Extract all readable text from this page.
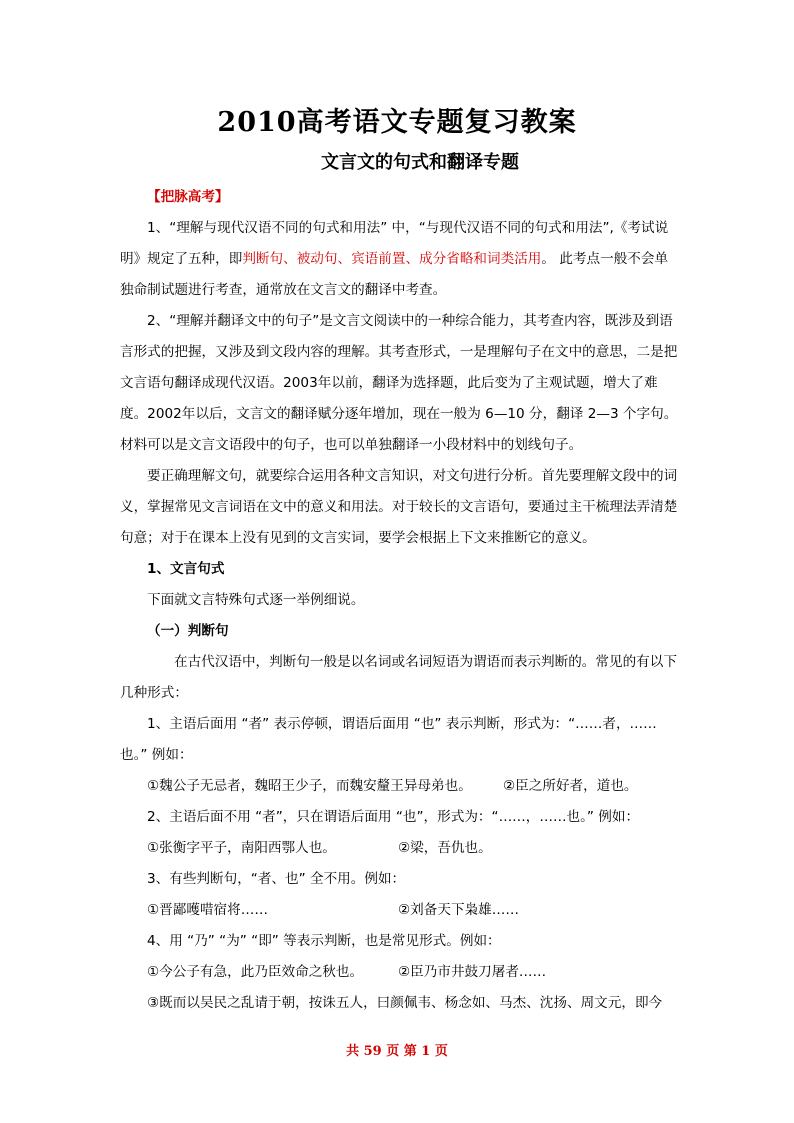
2010高考语文专题复习教案
文言文的句式和翻译专题

【把脉高考】

1、“理解与现代汉语不同的句式和用法” 中，“与现代汉语不同的句式和用法”,《考试说明》规定了五种，即判断句、被动句、宾语前置、成分省略和词类活用。 此考点一般不会单独命制试题进行考查，通常放在文言文的翻译中考查。

2、“理解并翻译文中的句子”是文言文阅读中的一种综合能力，其考查内容，既涉及到语言形式的把握，又涉及到文段内容的理解。其考查形式，一是理解句子在文中的意思，二是把文言语句翻译成现代汉语。2003年以前，翻译为选择题，此后变为了主观试题，增大了难度。2002年以后，文言文的翻译赋分逐年增加，现在一般为 6—10 分，翻译 2—3 个字句。材料可以是文言文语段中的句子，也可以单独翻译一小段材料中的划线句子。

要正确理解文句，就要综合运用各种文言知识，对文句进行分析。首先要理解文段中的词义，掌握常见文言词语在文中的意义和用法。对于较长的文言语句，要通过主干梳理法弄清楚句意；对于在课本上没有见到的文言实词，要学会根据上下文来推断它的意义。

1、文言句式

下面就文言特殊句式逐一举例细说。

（一）判断句

在古代汉语中，判断句一般是以名词或名词短语为谓语而表示判断的。常见的有以下几种形式：

1、主语后面用 “者” 表示停顿，谓语后面用 “也” 表示判断，形式为：“……者，……也。” 例如：

①魏公子无忌者，魏昭王少子，而魏安釐王异母弟也。	②臣之所好者，道也。

2、主语后面不用 “者”，只在谓语后面用 “也”，形式为：“……，……也。” 例如：

①张衡字平子，南阳西鄂人也。	②梁，吾仇也。

3、有些判断句，“者、也” 全不用。例如：

①晋鄙嚄唶宿将……	②刘备天下枭雄……

4、用 “乃” “为” “即” 等表示判断，也是常见形式。例如：

①今公子有急，此乃臣效命之秋也。	②臣乃市井鼓刀屠者……

③既而以吴民之乱请于朝，按诛五人，曰颜佩韦、杨念如、马杰、沈扬、周文元，即今

共 59 页 第 1 页
